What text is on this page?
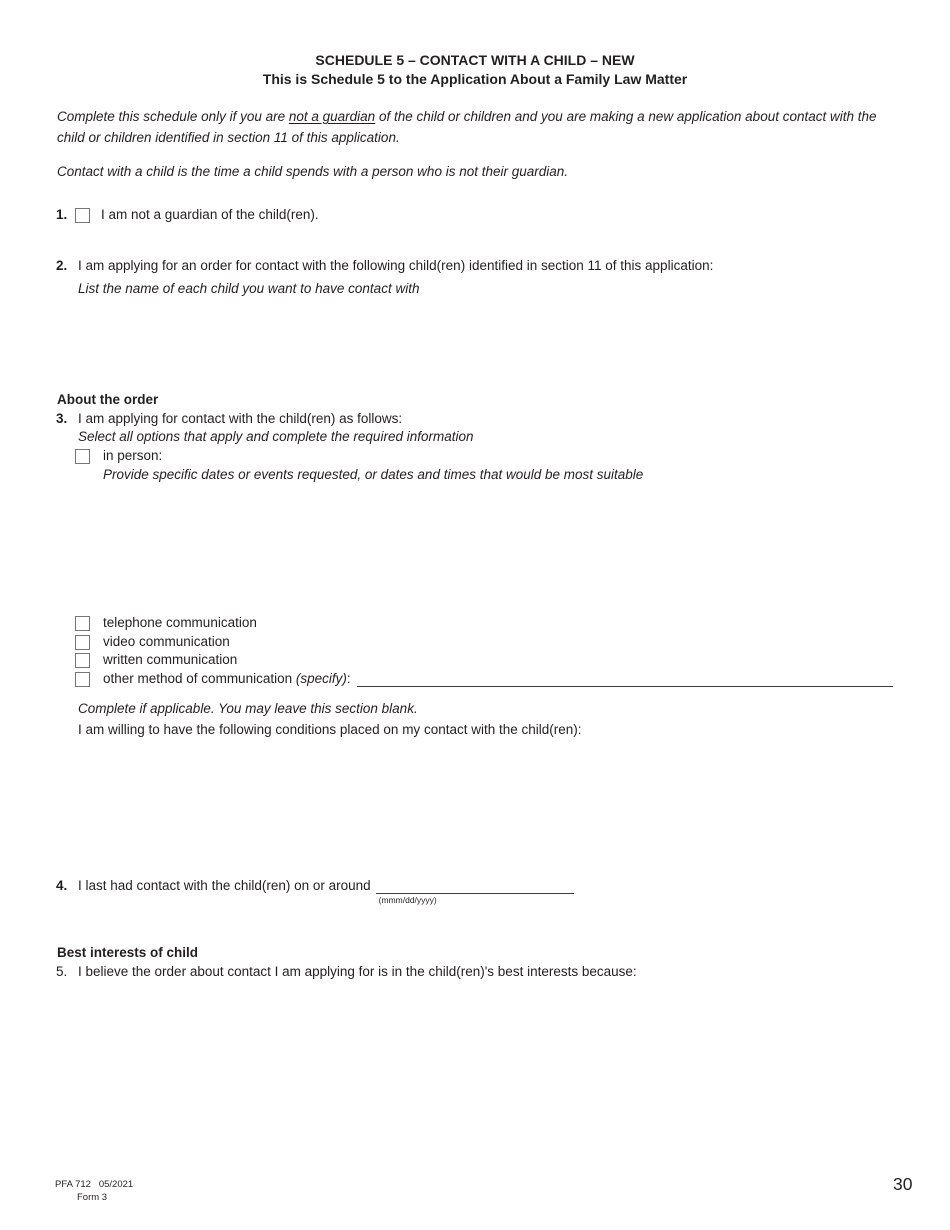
SCHEDULE 5 – CONTACT WITH A CHILD – NEW
This is Schedule 5 to the Application About a Family Law Matter
Complete this schedule only if you are not a guardian of the child or children and you are making a new application about contact with the child or children identified in section 11 of this application.
Contact with a child is the time a child spends with a person who is not their guardian.
1.	I am not a guardian of the child(ren).
2. I am applying for an order for contact with the following child(ren) identified in section 11 of this application:
List the name of each child you want to have contact with
About the order
3. I am applying for contact with the child(ren) as follows:
Select all options that apply and complete the required information
in person:
Provide specific dates or events requested, or dates and times that would be most suitable
telephone communication
video communication
written communication
other method of communication (specify):
Complete if applicable. You may leave this section blank.
I am willing to have the following conditions placed on my contact with the child(ren):
4. I last had contact with the child(ren) on or around
(mmm/dd/yyyy)
Best interests of child
5. I believe the order about contact I am applying for is in the child(ren)'s best interests because:
PFA 712   05/2021
Form 3
30
